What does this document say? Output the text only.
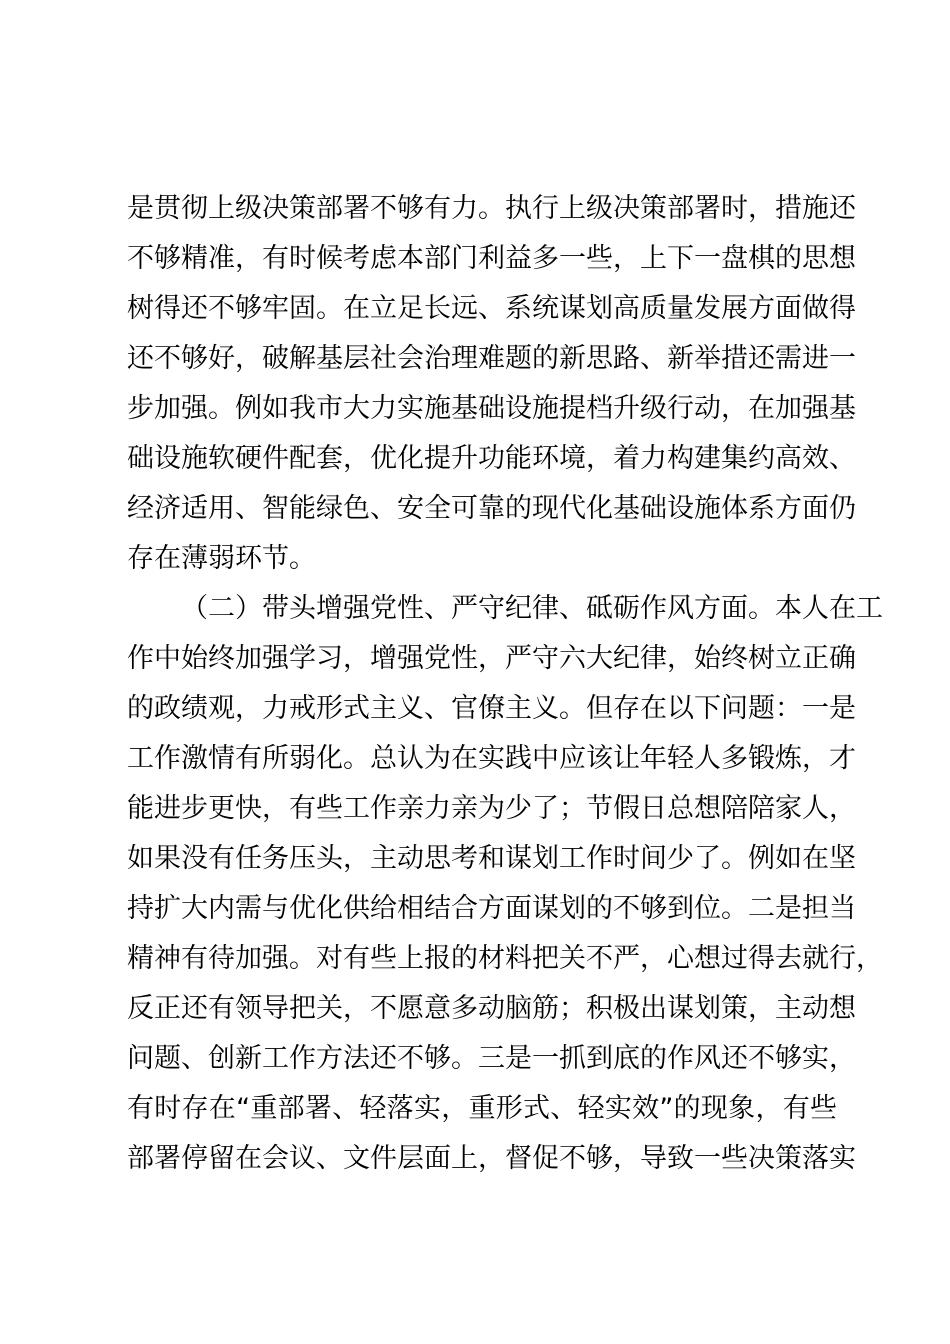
是贯彻上级决策部署不够有力。执行上级决策部署时，措施还
不够精准，有时候考虑本部门利益多一些，上下一盘棋的思想
树得还不够牢固。在立足长远、系统谋划高质量发展方面做得
还不够好，破解基层社会治理难题的新思路、新举措还需进一
步加强。例如我市大力实施基础设施提档升级行动，在加强基
础设施软硬件配套，优化提升功能环境，着力构建集约高效、
经济适用、智能绿色、安全可靠的现代化基础设施体系方面仍
存在薄弱环节。
（二）带头增强党性、严守纪律、砥砺作风方面。本人在工
作中始终加强学习，增强党性，严守六大纪律，始终树立正确
的政绩观，力戒形式主义、官僚主义。但存在以下问题：一是
工作激情有所弱化。总认为在实践中应该让年轻人多锻炼，才
能进步更快，有些工作亲力亲为少了；节假日总想陪陪家人，
如果没有任务压头，主动思考和谋划工作时间少了。例如在坚
持扩大内需与优化供给相结合方面谋划的不够到位。二是担当
精神有待加强。对有些上报的材料把关不严，心想过得去就行，
反正还有领导把关，不愿意多动脑筋；积极出谋划策，主动想
问题、创新工作方法还不够。三是一抓到底的作风还不够实，
有时存在“重部署、轻落实，重形式、轻实效”的现象，有些
部署停留在会议、文件层面上，督促不够，导致一些决策落实
